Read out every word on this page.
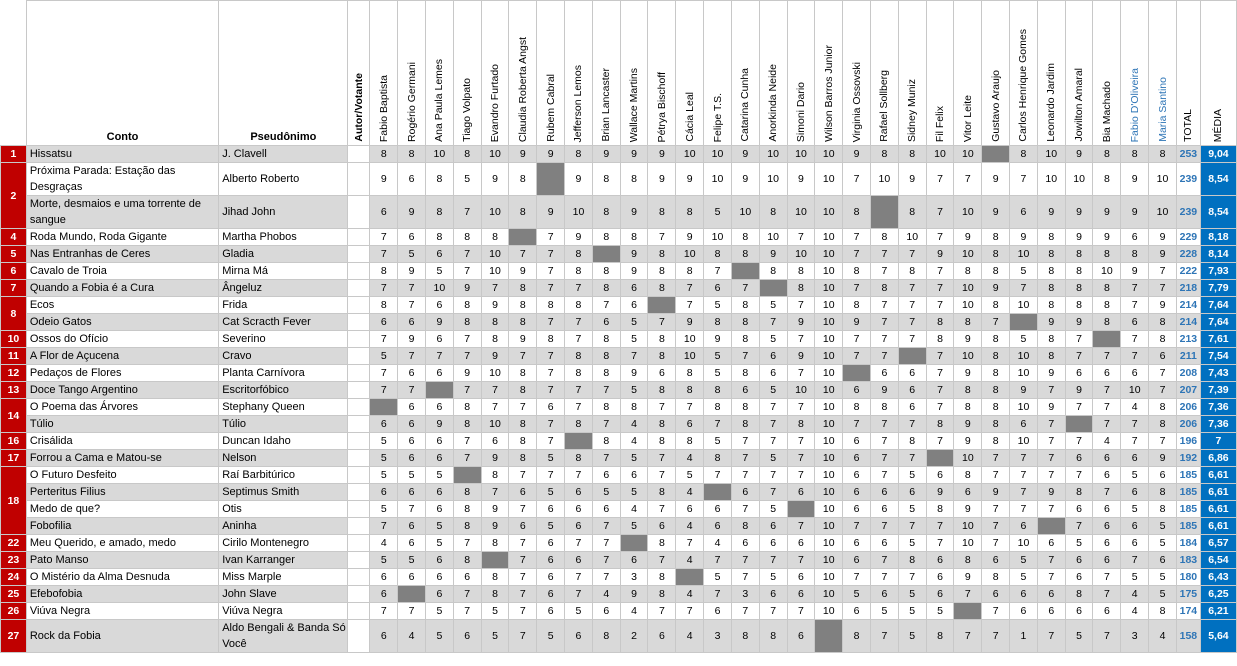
	Conto	Pseudônimo	Autor/Votante	Fabio Baptista	Rogério Germani	Ana Paula Lemes	Tiago Volpato	Evandro Furtado	Claudia Roberta Angst	Rubem Cabral	Jefferson Lemos	Brian Lancaster	Wallace Martins	Pétrya Bischoff	Cácia Leal	Felipe T.S.	Catarina Cunha	Anorkinda Neide	Simoni Dario	Wilson Barros Junior	Virginia Ossovski	Rafael Sollberg	Sidney Muniz	Fil Felix	Vitor Leite	Gustavo Araujo	Carlos Henrique Gomes	Leonardo Jardim	Jowilton Amaral	Bia Machado	Fabio D'Oliveira	Maria Santino	TOTAL	MÉDIA
1	Hissatsu	J. Clavell		8	8	10	8	10	9	9	8	9	9	9	10	10	9	10	10	10	9	8	8	10	10		8	10	9	8	8	8	253	9,04
2	Próxima Parada: Estação das Desgraças	Alberto Roberto		9	6	8	5	9	8		9	8	8	9	9	10	9	10	9	10	7	10	9	7	7	9	7	10	10	8	9	10	239	8,54
	Morte, desmaios e uma torrente de sangue	Jihad John		6	9	8	7	10	8	9	10	8	9	8	8	5	10	8	10	10	8		8	7	10	9	6	9	9	9	9	10	239	8,54
4	Roda Mundo, Roda Gigante	Martha Phobos		7	6	8	8	8		7	9	8	8	7	9	10	8	10	7	10	7	8	10	7	9	8	9	8	9	9	6	9	229	8,18
5	Nas Entranhas de Ceres	Gladia		7	5	6	7	10	7	7	8		9	8	10	8	8	9	10	10	7	7	7	9	10	8	10	8	8	8	8	9	228	8,14
6	Cavalo de Troia	Mirna Má		8	9	5	7	10	9	7	8	8	9	8	8	7		8	8	10	8	7	8	7	8	8	5	8	8	10	9	7	222	7,93
7	Quando a Fobia é a Cura	Ângeluz		7	7	10	9	7	8	7	7	8	6	8	7	6	7		8	10	7	8	7	7	10	9	7	8	8	8	7	7	218	7,79
8	Ecos	Frida		8	7	6	8	9	8	8	8	7	6		7	5	8	5	7	10	8	7	7	7	10	8	10	8	8	8	7	9	214	7,64
	Odeio Gatos	Cat Scracth Fever		6	6	9	8	8	8	7	7	6	5	7	9	8	8	7	9	10	9	7	7	8	8	7		9	9	8	6	8	214	7,64
10	Ossos do Ofício	Severino		7	9	6	7	8	9	8	7	8	5	8	10	9	8	5	7	10	7	7	7	8	9	8	5	8	7		7	8	213	7,61
11	A Flor de Açucena	Cravo		5	7	7	7	9	7	7	8	8	7	8	10	5	7	6	9	10	7	7		7	10	8	10	8	7	7	7	6	211	7,54
12	Pedaços de Flores	Planta Carnívora		7	6	6	9	10	8	7	8	8	9	6	8	5	8	6	7	10		6	6	7	9	8	10	9	6	6	6	7	208	7,43
13	Doce Tango Argentino	Escritorfóbico		7	7		7	7	8	7	7	7	5	8	8	8	6	5	10	10	6	9	6	7	8	8	9	7	9	7	10	7	207	7,39
14	O Poema das Árvores	Stephany Queen			6	6	8	7	7	6	7	8	8	7	7	8	8	7	7	10	8	8	6	7	8	8	10	9	7	7	4	8	206	7,36
	Túlio	Túlio		6	6	9	8	10	8	7	8	7	4	8	6	7	8	7	8	10	7	7	7	8	9	8	6	7		7	7	8	206	7,36
16	Crisálida	Duncan Idaho		5	6	6	7	6	8	7		8	4	8	8	5	7	7	7	10	6	7	8	7	9	8	10	7	7	4	7	7	196	7
17	Forrou a Cama e Matou-se	Nelson		5	6	6	7	9	8	5	8	7	5	7	4	8	7	5	7	10	6	7	7		10	7	7	7	6	6	6	9	192	6,86
18	O Futuro Desfeito	Raí Barbitúrico		5	5	5		8	7	7	7	6	6	7	5	7	7	7	7	10	6	7	5	6	8	7	7	7	7	6	5	6	185	6,61
	Perteritus Filius	Septimus Smith		6	6	6	8	7	6	5	6	5	5	8	4		6	7	6	10	6	6	6	9	6	9	7	9	8	7	6	8	185	6,61
	Medo de que?	Otis		5	7	6	8	9	7	6	6	6	4	7	6	6	7	5		10	6	6	5	8	9	7	7	7	6	6	5	8	185	6,61
	Fobofilia	Aninha		7	6	5	8	9	6	5	6	7	5	6	4	6	8	6	7	10	7	7	7	7	10	7	6		7	6	6	5	185	6,61
22	Meu Querido, e amado, medo	Cirilo Montenegro		4	6	5	7	8	7	6	7	7		8	7	4	6	6	6	10	6	6	5	7	10	7	10	6	5	6	6	5	184	6,57
23	Pato Manso	Ivan Karranger		5	5	6	8		7	6	6	7	6	7	4	7	7	7	7	10	6	7	8	6	8	6	5	7	6	6	7	6	183	6,54
24	O Mistério da Alma Desnuda	Miss Marple		6	6	6	6	8	7	6	7	7	3	8		5	7	5	6	10	7	7	7	6	9	8	5	7	6	7	5	5	180	6,43
25	Efebofobia	John Slave		6		6	7	8	7	6	7	4	9	8	4	7	3	6	6	10	5	6	5	6	7	6	6	6	8	7	4	5	175	6,25
26	Viúva Negra	Viúva Negra		7	7	5	7	5	7	6	5	6	4	7	7	6	7	7	7	10	6	5	5	5		7	6	6	6	6	4	8	174	6,21
27	Rock da Fobia	Aldo Bengali & Banda Só Você		6	4	5	6	5	7	5	6	8	2	6	4	3	8	8	6		8	7	5	8	7	7	1	7	5	7	3	4	158	5,64
